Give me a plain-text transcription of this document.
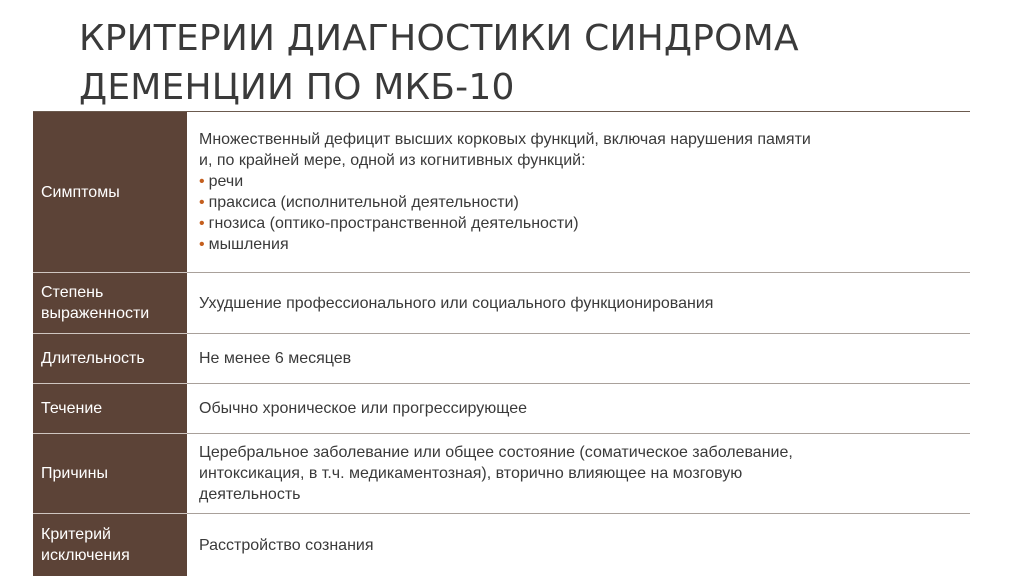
КРИТЕРИИ ДИАГНОСТИКИ СИНДРОМА
ДЕМЕНЦИИ ПО МКБ-10
Симптомы
Множественный дефицит высших корковых функций, включая нарушения памяти
и, по крайней мере, одной из когнитивных функций:
• речи
• праксиса (исполнительной деятельности)
• гнозиса (оптико-пространственной деятельности)
• мышления
Степень
выраженности
Ухудшение профессионального или социального функционирования
Длительность	Не менее 6 месяцев
Течение	Обычно хроническое или прогрессирующее
Причины
Церебральное заболевание или общее состояние (соматическое заболевание,
интоксикация, в т.ч. медикаментозная), вторично влияющее на мозговую
деятельность
Критерий
исключения
Расстройство сознания
